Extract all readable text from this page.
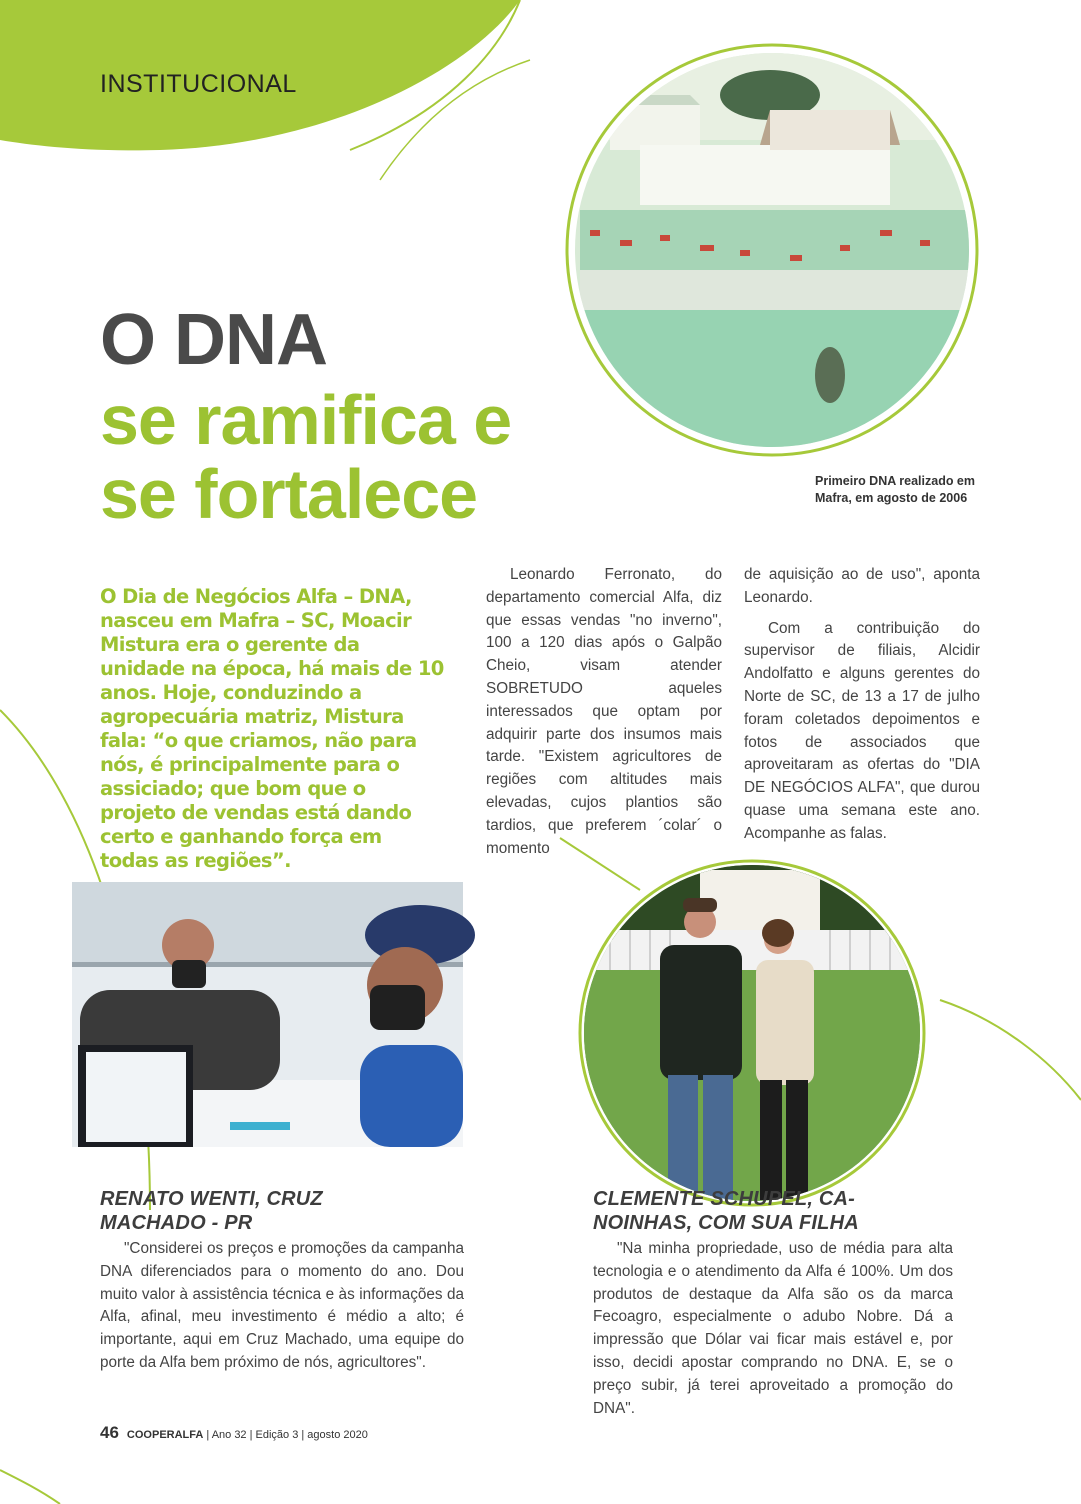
INSTITUCIONAL
O DNA
se ramifica e
se fortalece	Primeiro DNA realizado em
Mafra, em agosto de 2006
O Dia de Negócios Alfa – DNA, nasceu em Mafra – SC, Moacir Mistura era o gerente da unidade na época, há mais de 10 anos. Hoje, conduzindo a agropecuária matriz, Mistura fala: “o que criamos, não para nós, é principalmente para o assiciado; que bom que o projeto de vendas está dando certo e ganhando força em todas as regiões”.
Leonardo Ferronato, do departamento comercial Alfa, diz que essas vendas "no inverno", 100 a 120 dias após o Galpão Cheio, visam atender SOBRETUDO aqueles interessados que optam por adquirir parte dos insumos mais tarde. "Existem agricultores de regiões com altitudes mais elevadas, cujos plantios são tardios, que preferem ´colar´ o momento
de aquisição ao de uso", aponta Leonardo.
Com a contribuição do supervisor de filiais, Alcidir Andolfatto e alguns gerentes do Norte de SC, de 13 a 17 de julho foram coletados depoimentos e fotos de associados que aproveitaram as ofertas do "DIA DE NEGÓCIOS ALFA", que durou quase uma semana este ano. Acompanhe as falas.
RENATO WENTI, CRUZ
MACHADO - PR
"Considerei os preços e promoções da campanha DNA diferenciados para o momento do ano. Dou muito valor à assistência técnica e às informações da Alfa, afinal, meu investimento é médio a alto; é importante, aqui em Cruz Machado, uma equipe do porte da Alfa bem próximo de nós, agricultores".
CLEMENTE SCHUPEL, CA-
NOINHAS, COM SUA FILHA
"Na minha propriedade, uso de média para alta tecnologia e o atendimento da Alfa é 100%. Um dos produtos de destaque da Alfa são os da marca Fecoagro, especialmente o adubo Nobre. Dá a impressão que Dólar vai ficar mais estável e, por isso, decidi apostar comprando no DNA. E, se o preço subir, já terei aproveitado a promoção do DNA".
46 COOPERALFA | Ano 32 | Edição 3 | agosto 2020
